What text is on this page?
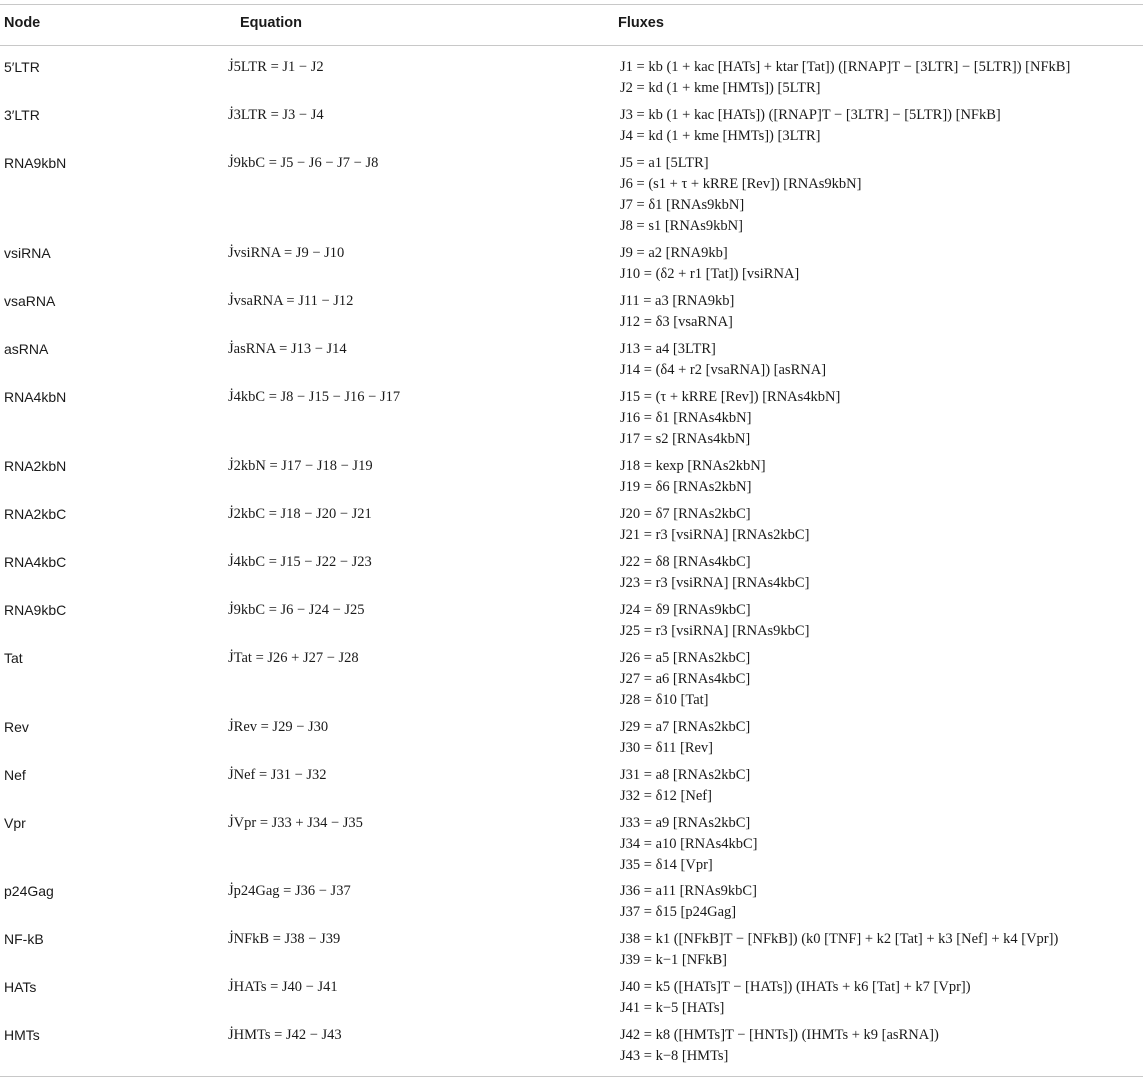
Node	Equation	Fluxes
5′LTR	J̇5LTR = J1 − J2	J1 = kb (1 + kac [HATs] + ktar [Tat]) ([RNAP]T − [3LTR] − [5LTR]) [NFkB]
J2 = kd (1 + kme [HMTs]) [5LTR]
3′LTR	J̇3LTR = J3 − J4	J3 = kb (1 + kac [HATs]) ([RNAP]T − [3LTR] − [5LTR]) [NFkB]
J4 = kd (1 + kme [HMTs]) [3LTR]
RNA9kbN	J̇9kbC = J5 − J6 − J7 − J8	J5 = a1 [5LTR]
J6 = (s1 + τ + kRRE [Rev]) [RNAs9kbN]
J7 = δ1 [RNAs9kbN]
J8 = s1 [RNAs9kbN]
vsiRNA	J̇vsiRNA = J9 − J10	J9 = a2 [RNA9kb]
J10 = (δ2 + r1 [Tat]) [vsiRNA]
vsaRNA	J̇vsaRNA = J11 − J12	J11 = a3 [RNA9kb]
J12 = δ3 [vsaRNA]
asRNA	J̇asRNA = J13 − J14	J13 = a4 [3LTR]
J14 = (δ4 + r2 [vsaRNA]) [asRNA]
RNA4kbN	J̇4kbC = J8 − J15 − J16 − J17	J15 = (τ + kRRE [Rev]) [RNAs4kbN]
J16 = δ1 [RNAs4kbN]
J17 = s2 [RNAs4kbN]
RNA2kbN	J̇2kbN = J17 − J18 − J19	J18 = kexp [RNAs2kbN]
J19 = δ6 [RNAs2kbN]
RNA2kbC	J̇2kbC = J18 − J20 − J21	J20 = δ7 [RNAs2kbC]
J21 = r3 [vsiRNA] [RNAs2kbC]
RNA4kbC	J̇4kbC = J15 − J22 − J23	J22 = δ8 [RNAs4kbC]
J23 = r3 [vsiRNA] [RNAs4kbC]
RNA9kbC	J̇9kbC = J6 − J24 − J25	J24 = δ9 [RNAs9kbC]
J25 = r3 [vsiRNA] [RNAs9kbC]
Tat	J̇Tat = J26 + J27 − J28	J26 = a5 [RNAs2kbC]
J27 = a6 [RNAs4kbC]
J28 = δ10 [Tat]
Rev	J̇Rev = J29 − J30	J29 = a7 [RNAs2kbC]
J30 = δ11 [Rev]
Nef	J̇Nef = J31 − J32	J31 = a8 [RNAs2kbC]
J32 = δ12 [Nef]
Vpr	J̇Vpr = J33 + J34 − J35	J33 = a9 [RNAs2kbC]
J34 = a10 [RNAs4kbC]
J35 = δ14 [Vpr]
p24Gag	J̇p24Gag = J36 − J37	J36 = a11 [RNAs9kbC]
J37 = δ15 [p24Gag]
NF-kB	J̇NFkB = J38 − J39	J38 = k1 ([NFkB]T − [NFkB]) (k0 [TNF] + k2 [Tat] + k3 [Nef] + k4 [Vpr])
J39 = k−1 [NFkB]
HATs	J̇HATs = J40 − J41	J40 = k5 ([HATs]T − [HATs]) (IHATs + k6 [Tat] + k7 [Vpr])
J41 = k−5 [HATs]
HMTs	J̇HMTs = J42 − J43	J42 = k8 ([HMTs]T − [HNTs]) (IHMTs + k9 [asRNA])
J43 = k−8 [HMTs]
